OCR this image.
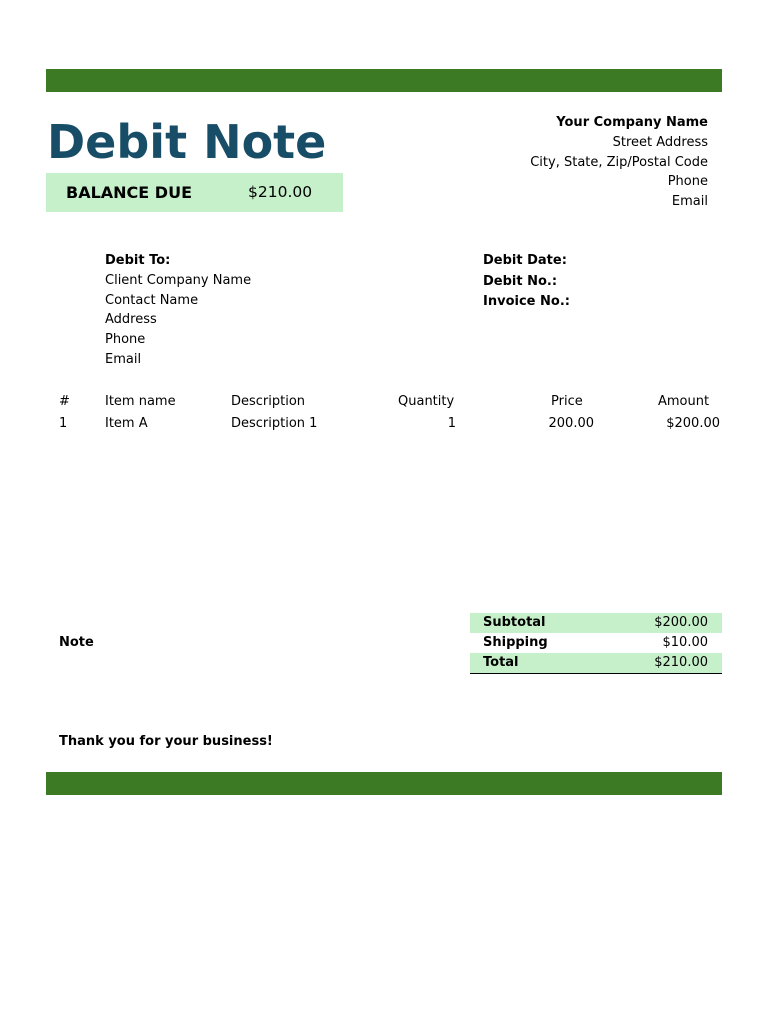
Debit Note
BALANCE DUE	$210.00
Your Company Name
Street Address
City, State, Zip/Postal Code
Phone
Email
Debit To:
Client Company Name
Contact Name
Address
Phone
Email
Debit Date:
Debit No.:
Invoice No.:
#	Item name	Description	Quantity	Price	Amount
1	Item A	Description 1	1	200.00	$200.00
Subtotal	$200.00
Shipping	$10.00
Total	$210.00
Note
Thank you for your business!
